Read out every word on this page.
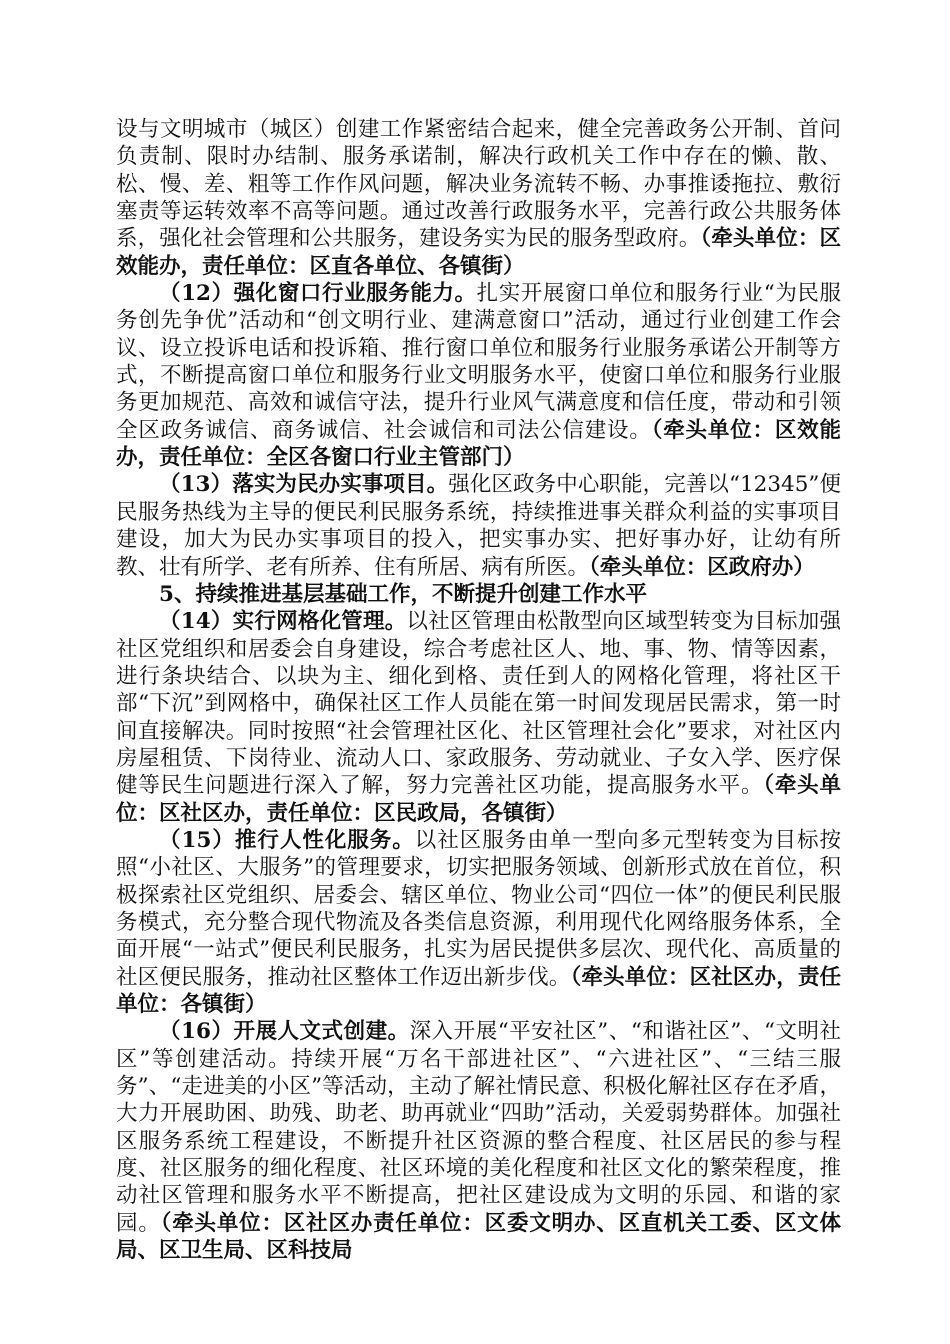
设与文明城市（城区）创建工作紧密结合起来，健全完善政务公开制、首问负责制、限时办结制、服务承诺制，解决行政机关工作中存在的懒、散、松、慢、差、粗等工作作风问题，解决业务流转不畅、办事推诿拖拉、敷衍塞责等运转效率不高等问题。通过改善行政服务水平，完善行政公共服务体系，强化社会管理和公共服务，建设务实为民的服务型政府。（牵头单位：区效能办，责任单位：区直各单位、各镇街）

（12）强化窗口行业服务能力。扎实开展窗口单位和服务行业“为民服务创先争优”活动和“创文明行业、建满意窗口”活动，通过行业创建工作会议、设立投诉电话和投诉箱、推行窗口单位和服务行业服务承诺公开制等方式，不断提高窗口单位和服务行业文明服务水平，使窗口单位和服务行业服务更加规范、高效和诚信守法，提升行业风气满意度和信任度，带动和引领全区政务诚信、商务诚信、社会诚信和司法公信建设。（牵头单位：区效能办，责任单位：全区各窗口行业主管部门）

（13）落实为民办实事项目。强化区政务中心职能，完善以“12345”便民服务热线为主导的便民利民服务系统，持续推进事关群众利益的实事项目建设，加大为民办实事项目的投入，把实事办实、把好事办好，让幼有所教、壮有所学、老有所养、住有所居、病有所医。（牵头单位：区政府办）

5、持续推进基层基础工作，不断提升创建工作水平

（14）实行网格化管理。以社区管理由松散型向区域型转变为目标加强社区党组织和居委会自身建设，综合考虑社区人、地、事、物、情等因素，进行条块结合、以块为主、细化到格、责任到人的网格化管理，将社区干部“下沉”到网格中，确保社区工作人员能在第一时间发现居民需求，第一时间直接解决。同时按照“社会管理社区化、社区管理社会化”要求，对社区内房屋租赁、下岗待业、流动人口、家政服务、劳动就业、子女入学、医疗保健等民生问题进行深入了解，努力完善社区功能，提高服务水平。（牵头单位：区社区办，责任单位：区民政局，各镇街）

（15）推行人性化服务。以社区服务由单一型向多元型转变为目标按照“小社区、大服务”的管理要求，切实把服务领域、创新形式放在首位，积极探索社区党组织、居委会、辖区单位、物业公司“四位一体”的便民利民服务模式，充分整合现代物流及各类信息资源，利用现代化网络服务体系，全面开展“一站式”便民利民服务，扎实为居民提供多层次、现代化、高质量的社区便民服务，推动社区整体工作迈出新步伐。（牵头单位：区社区办，责任单位：各镇街）

（16）开展人文式创建。深入开展“平安社区”、“和谐社区”、“文明社区”等创建活动。持续开展“万名干部进社区”、“六进社区”、“三结三服务”、“走进美的小区”等活动，主动了解社情民意、积极化解社区存在矛盾，大力开展助困、助残、助老、助再就业“四助”活动，关爱弱势群体。加强社区服务系统工程建设，不断提升社区资源的整合程度、社区居民的参与程度、社区服务的细化程度、社区环境的美化程度和社区文化的繁荣程度，推动社区管理和服务水平不断提高，把社区建设成为文明的乐园、和谐的家园。（牵头单位：区社区办责任单位：区委文明办、区直机关工委、区文体局、区卫生局、区科技局
